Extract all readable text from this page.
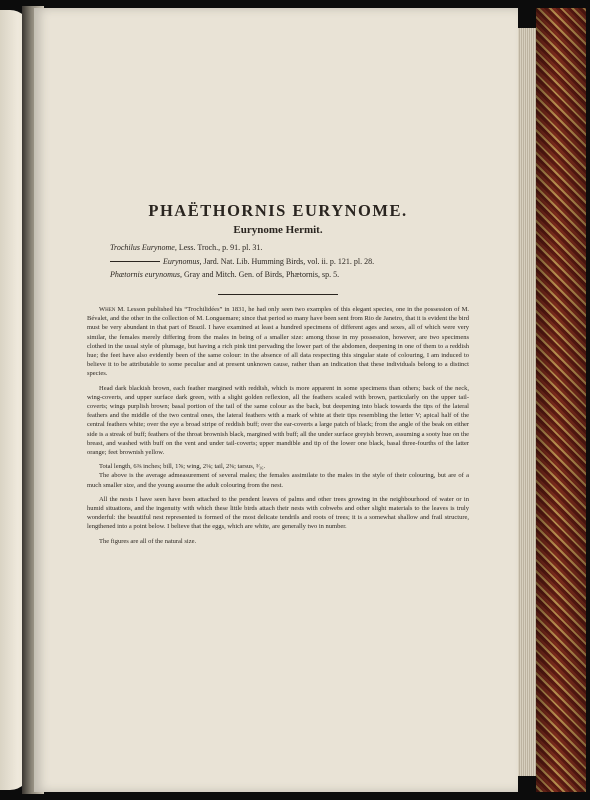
PHAËTHORNIS EURYNOME.
Eurynome Hermit.
Trochilus Eurynome, Less. Troch., p. 91. pl. 31.
Eurynomus, Jard. Nat. Lib. Humming Birds, vol. ii. p. 121. pl. 28.
Phætornis eurynomus, Gray and Mitch. Gen. of Birds, Phætornis, sp. 5.

When M. Lesson published his “Trochilidées” in 1831, he had only seen two examples of this elegant species, one in the possession of M. Bévalet, and the other in the collection of M. Longuemare; since that period so many have been sent from Rio de Janeiro, that it is evident the bird must be very abundant in that part of Brazil. I have examined at least a hundred specimens of different ages and sexes, all of which were very similar, the females merely differing from the males in being of a smaller size: among those in my possession, however, are two specimens clothed in the usual style of plumage, but having a rich pink tint pervading the lower part of the abdomen, deepening in one of them to a reddish hue; the feet have also evidently been of the same colour: in the absence of all data respecting this singular state of colouring, I am induced to believe it to be attributable to some peculiar and at present unknown cause, rather than an indication that these individuals belong to a distinct species.

Head dark blackish brown, each feather margined with reddish, which is more apparent in some specimens than others; back of the neck, wing-coverts, and upper surface dark green, with a slight golden reflexion, all the feathers scaled with brown, particularly on the upper tail-coverts; wings purplish brown; basal portion of the tail of the same colour as the back, but deepening into black towards the tips of the lateral feathers and the middle of the two central ones, the lateral feathers with a mark of white at their tips resembling the letter V; apical half of the central feathers white; over the eye a broad stripe of reddish buff; over the ear-coverts a large patch of black; from the angle of the beak on either side is a streak of buff; feathers of the throat brownish black, margined with buff; all the under surface greyish brown, assuming a sooty hue on the breast, and washed with buff on the vent and under tail-coverts; upper mandible and tip of the lower one black, basal three-fourths of the latter orange; feet brownish yellow.

Total length, 6⅜ inches; bill, 1⅝; wing, 2⅛; tail, 2⅜; tarsus, ³⁄₁₆.

The above is the average admeasurement of several males; the females assimilate to the males in the style of their colouring, but are of a much smaller size, and the young assume the adult colouring from the nest.

All the nests I have seen have been attached to the pendent leaves of palms and other trees growing in the neighbourhood of water or in humid situations, and the ingenuity with which these little birds attach their nests with cobwebs and other slight materials to the leaves is truly wonderful: the beautiful nest represented is formed of the most delicate tendrils and roots of trees; it is a somewhat shallow and frail structure, lengthened into a point below. I believe that the eggs, which are white, are generally two in number.

The figures are all of the natural size.
